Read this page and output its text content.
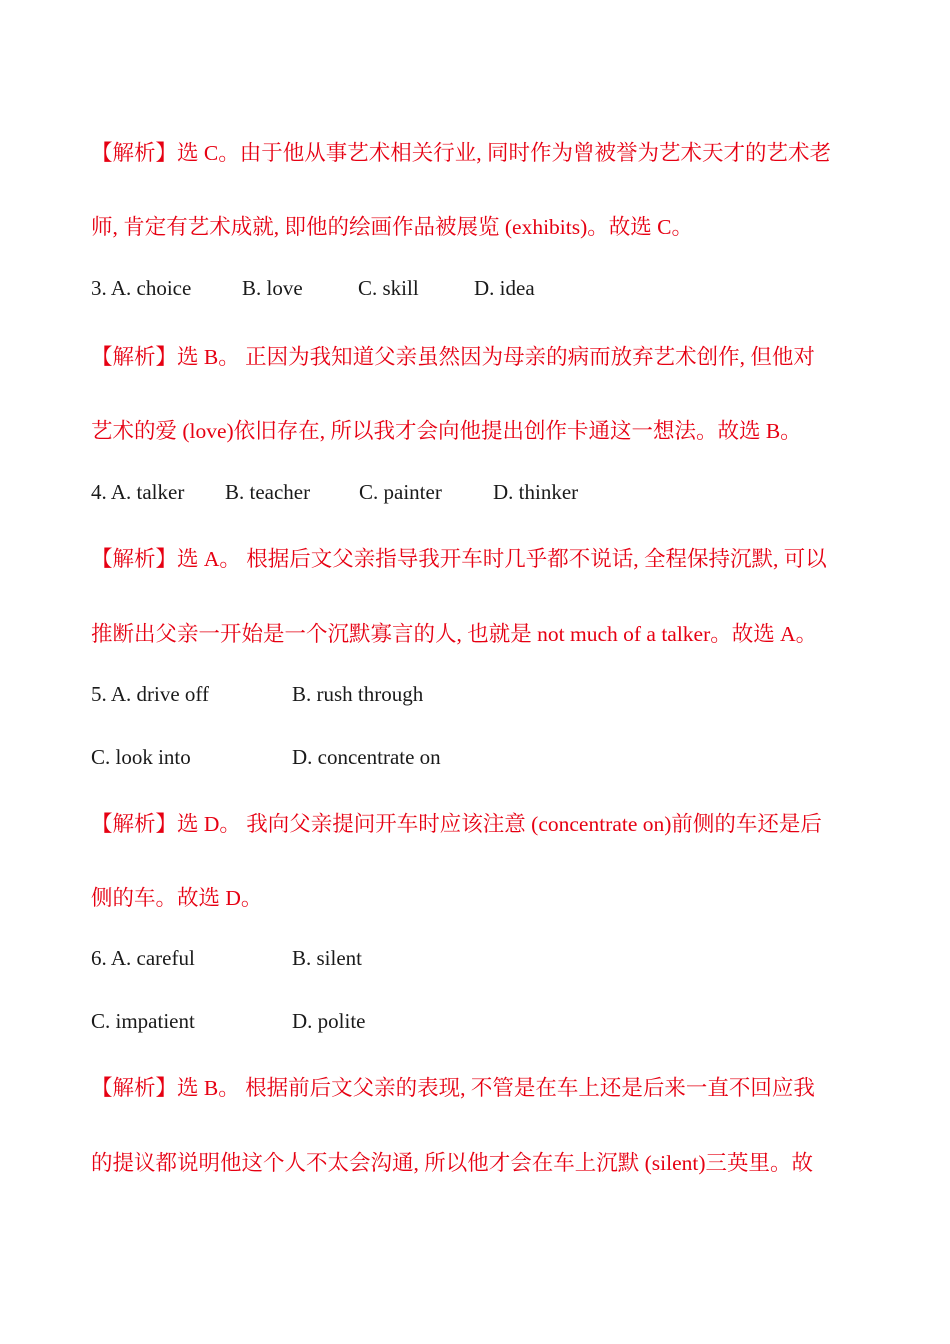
【解析】选 C。由于他从事艺术相关行业, 同时作为曾被誉为艺术天才的艺术老
师, 肯定有艺术成就, 即他的绘画作品被展览 (exhibits)。故选 C。
3. A. choice B. love	C. skill	D. idea
【解析】选 B。 正因为我知道父亲虽然因为母亲的病而放弃艺术创作, 但他对
艺术的爱 (love)依旧存在, 所以我才会向他提出创作卡通这一想法。故选 B。
4. A. talker B. teacher C. painter D. thinker
【解析】选 A。 根据后文父亲指导我开车时几乎都不说话, 全程保持沉默, 可以
推断出父亲一开始是一个沉默寡言的人, 也就是 not much of a talker。故选 A。
5. A. drive off	B. rush through
C. look into	D. concentrate on
【解析】选 D。 我向父亲提问开车时应该注意 (concentrate on)前侧的车还是后
侧的车。故选 D。
6. A. careful	B. silent
C. impatient	D. polite
【解析】选 B。 根据前后文父亲的表现, 不管是在车上还是后来一直不回应我
的提议都说明他这个人不太会沟通, 所以他才会在车上沉默 (silent)三英里。故
